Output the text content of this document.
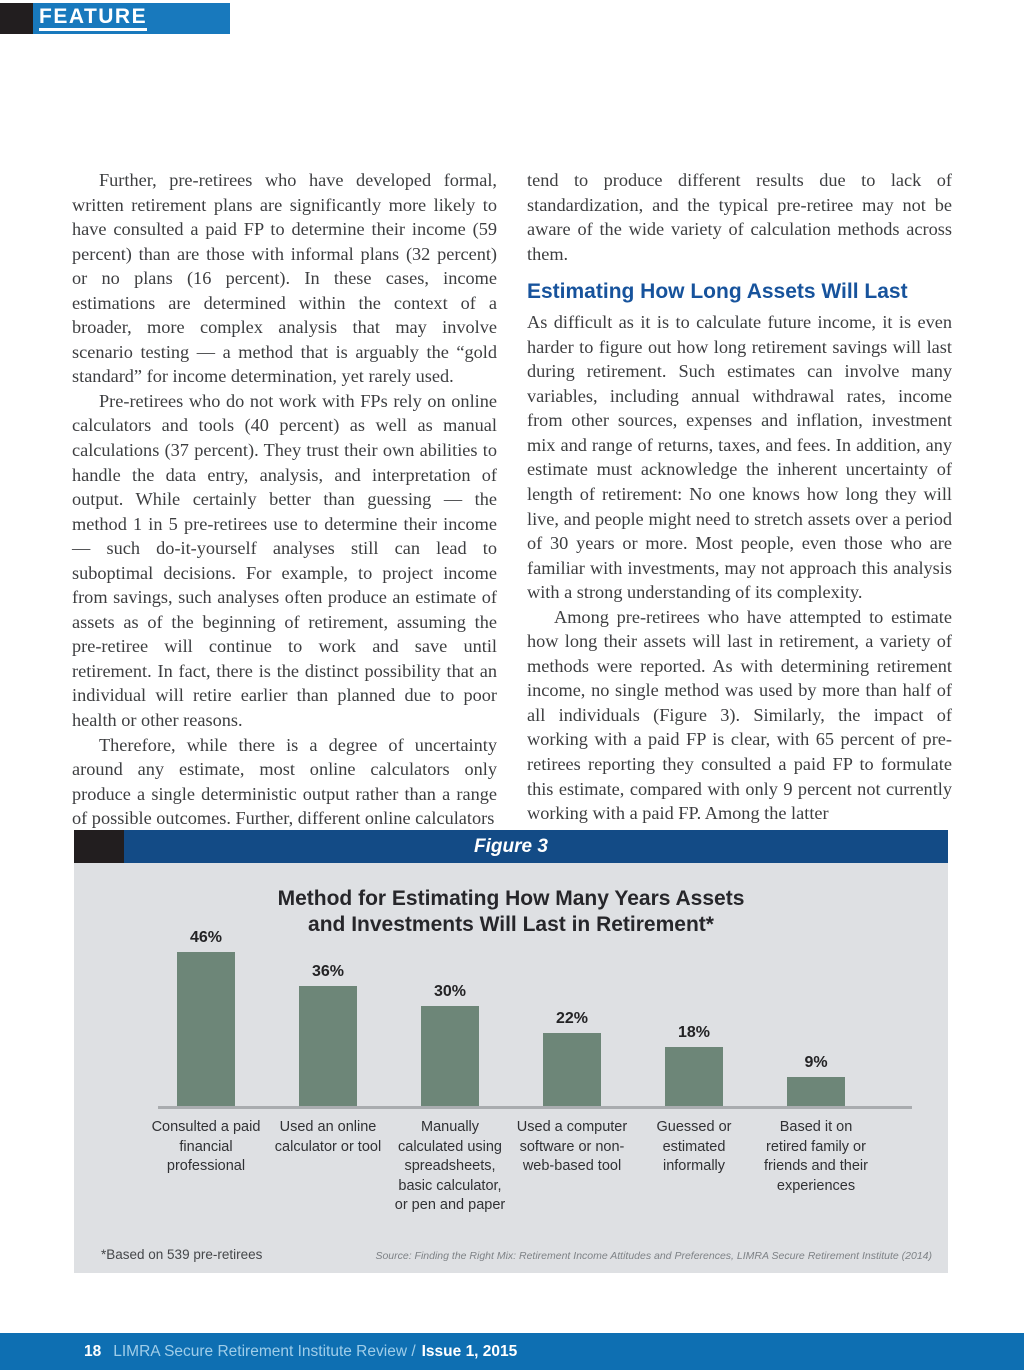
FEATURE

Further, pre-retirees who have developed formal, written retirement plans are significantly more likely to have consulted a paid FP to determine their income (59 percent) than are those with informal plans (32 percent) or no plans (16 percent). In these cases, income estimations are determined within the context of a broader, more complex analysis that may involve scenario testing — a method that is arguably the “gold standard” for income determination, yet rarely used.

Pre-retirees who do not work with FPs rely on online calculators and tools (40 percent) as well as manual calculations (37 percent). They trust their own abilities to handle the data entry, analysis, and interpretation of output. While certainly better than guessing — the method 1 in 5 pre-retirees use to determine their income — such do-it-yourself analyses still can lead to suboptimal decisions. For example, to project income from savings, such analyses often produce an estimate of assets as of the beginning of retirement, assuming the pre-retiree will continue to work and save until retirement. In fact, there is the distinct possibility that an individual will retire earlier than planned due to poor health or other reasons.

Therefore, while there is a degree of uncertainty around any estimate, most online calculators only produce a single deterministic output rather than a range of possible outcomes. Further, different online calculators

tend to produce different results due to lack of standardization, and the typical pre-retiree may not be aware of the wide variety of calculation methods across them.

Estimating How Long Assets Will Last

As difficult as it is to calculate future income, it is even harder to figure out how long retirement savings will last during retirement. Such estimates can involve many variables, including annual withdrawal rates, income from other sources, expenses and inflation, investment mix and range of returns, taxes, and fees. In addition, any estimate must acknowledge the inherent uncertainty of length of retirement: No one knows how long they will live, and people might need to stretch assets over a period of 30 years or more. Most people, even those who are familiar with investments, may not approach this analysis with a strong understanding of its complexity.

Among pre-retirees who have attempted to estimate how long their assets will last in retirement, a variety of methods were reported. As with determining retirement income, no single method was used by more than half of all individuals (Figure 3). Similarly, the impact of working with a paid FP is clear, with 65 percent of pre-retirees reporting they consulted a paid FP to formulate this estimate, compared with only 9 percent not currently working with a paid FP. Among the latter

Figure 3
Method for Estimating How Many Years Assets
and Investments Will Last in Retirement*
46%
36%
30%
22%
18%
9%
Consulted a paid financial professional
Used an online calculator or tool
Manually calculated using spreadsheets, basic calculator, or pen and paper
Used a computer software or non-web-based tool
Guessed or estimated informally
Based it on retired family or friends and their experiences
*Based on 539 pre-retirees	Source: Finding the Right Mix: Retirement Income Attitudes and Preferences, LIMRA Secure Retirement Institute (2014)
18 LIMRA Secure Retirement Institute Review / Issue 1, 2015
